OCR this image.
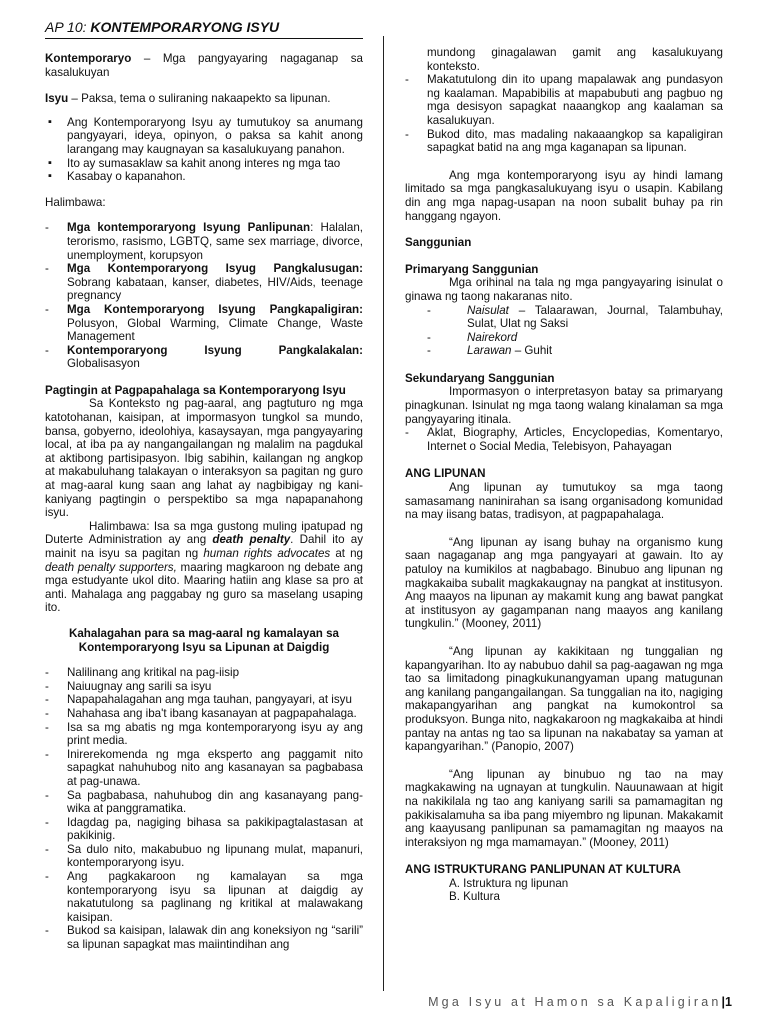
AP 10: KONTEMPORARYONG ISYU

Kontemporaryo – Mga pangyayaring nagaganap sa kasalukuyan

Isyu – Paksa, tema o suliraning nakaapekto sa lipunan.

▪ Ang Kontemporaryong Isyu ay tumutukoy sa anumang pangyayari, ideya, opinyon, o paksa sa kahit anong larangang may kaugnayan sa kasalukuyang panahon.
▪ Ito ay sumasaklaw sa kahit anong interes ng mga tao
▪ Kasabay o kapanahon.

Halimbawa:

- Mga kontemporaryong Isyung Panlipunan: Halalan, terorismo, rasismo, LGBTQ, same sex marriage, divorce, unemployment, korupsyon
- Mga Kontemporaryong Isyug Pangkalusugan: Sobrang kabataan, kanser, diabetes, HIV/Aids, teenage pregnancy
- Mga Kontemporaryong Isyung Pangkapaligiran: Polusyon, Global Warming, Climate Change, Waste Management
- Kontemporaryong Isyung Pangkalakalan: Globalisasyon

Pagtingin at Pagpapahalaga sa Kontemporaryong Isyu

Sa Konteksto ng pag-aaral, ang pagtuturo ng mga katotohanan, kaisipan, at impormasyon tungkol sa mundo, bansa, gobyerno, ideolohiya, kasaysayan, mga pangyayaring local, at iba pa ay nangangailangan ng malalim na pagdukal at aktibong partisipasyon. Ibig sabihin, kailangan ng angkop at makabuluhang talakayan o interaksyon sa pagitan ng guro at mag-aaral kung saan ang lahat ay nagbibigay ng kani-kaniyang pagtingin o perspektibo sa mga napapanahong isyu.

Halimbawa: Isa sa mga gustong muling ipatupad ng Duterte Administration ay ang death penalty. Dahil ito ay mainit na isyu sa pagitan ng human rights advocates at ng death penalty supporters, maaring magkaroon ng debate ang mga estudyante ukol dito. Maaring hatiin ang klase sa pro at anti. Mahalaga ang paggabay ng guro sa maselang usaping ito.

Kahalagahan para sa mag-aaral ng kamalayan sa Kontemporaryong Isyu sa Lipunan at Daigdig

- Nalilinang ang kritikal na pag-iisip
- Naiuugnay ang sarili sa isyu
- Napapahalagahan ang mga tauhan, pangyayari, at isyu
- Nahahasa ang iba't ibang kasanayan at pagpapahalaga.
- Isa sa mg abatis ng mga kontemporaryong isyu ay ang print media.
- Inirerekomenda ng mga eksperto ang paggamit nito sapagkat nahuhubog nito ang kasanayan sa pagbabasa at pag-unawa.
- Sa pagbabasa, nahuhubog din ang kasanayang pang-wika at panggramatika.
- Idagdag pa, nagiging bihasa sa pakikipagtalastasan at pakikinig.
- Sa dulo nito, makabubuo ng lipunang mulat, mapanuri, kontemporaryong isyu.
- Ang pagkakaroon ng kamalayan sa mga kontemporaryong isyu sa lipunan at daigdig ay nakatutulong sa paglinang ng kritikal at malawakang kaisipan.
- Bukod sa kaisipan, lalawak din ang koneksiyon ng “sarili” sa lipunan sapagkat mas maiintindihan ang
mundong ginagalawan gamit ang kasalukuyang konteksto.
- Makatutulong din ito upang mapalawak ang pundasyon ng kaalaman. Mapabibilis at mapabubuti ang pagbuo ng mga desisyon sapagkat naaangkop ang kaalaman sa kasalukuyan.
- Bukod dito, mas madaling nakaaangkop sa kapaligiran sapagkat batid na ang mga kaganapan sa lipunan.

Ang mga kontemporaryong isyu ay hindi lamang limitado sa mga pangkasalukuyang isyu o usapin. Kabilang din ang mga napag-usapan na noon subalit buhay pa rin hanggang ngayon.

Sanggunian

Primaryang Sanggunian

Mga orihinal na tala ng mga pangyayaring isinulat o ginawa ng taong nakaranas nito.

- Naisulat – Talaarawan, Journal, Talambuhay, Sulat, Ulat ng Saksi
- Nairekord
- Larawan – Guhit

Sekundaryang Sanggunian

Impormasyon o interpretasyon batay sa primaryang pinagkunan. Isinulat ng mga taong walang kinalaman sa mga pangyayaring itinala.

- Aklat, Biography, Articles, Encyclopedias, Komentaryo, Internet o Social Media, Telebisyon, Pahayagan

ANG LIPUNAN

Ang lipunan ay tumutukoy sa mga taong samasamang naninirahan sa isang organisadong komunidad na may iisang batas, tradisyon, at pagpapahalaga.

“Ang lipunan ay isang buhay na organismo kung saan nagaganap ang mga pangyayari at gawain. Ito ay patuloy na kumikilos at nagbabago. Binubuo ang lipunan ng magkakaiba subalit magkakaugnay na pangkat at institusyon. Ang maayos na lipunan ay makamit kung ang bawat pangkat at institusyon ay gagampanan nang maayos ang kanilang tungkulin.” (Mooney, 2011)

“Ang lipunan ay kakikitaan ng tunggalian ng kapangyarihan. Ito ay nabubuo dahil sa pag-aagawan ng mga tao sa limitadong pinagkukunangyaman upang matugunan ang kanilang pangangailangan. Sa tunggalian na ito, nagiging makapangyarihan ang pangkat na kumokontrol sa produksyon. Bunga nito, nagkakaroon ng magkakaiba at hindi pantay na antas ng tao sa lipunan na nakabatay sa yaman at kapangyarihan.” (Panopio, 2007)

“Ang lipunan ay binubuo ng tao na may magkakawing na ugnayan at tungkulin. Nauunawaan at higit na nakikilala ng tao ang kaniyang sarili sa pamamagitan ng pakikisalamuha sa iba pang miyembro ng lipunan. Makakamit ang kaayusang panlipunan sa pamamagitan ng maayos na interaksiyon ng mga mamamayan.” (Mooney, 2011)

ANG ISTRUKTURANG PANLIPUNAN AT KULTURA

A. Istruktura ng lipunan

B. Kultura

Mga Isyu at Hamon sa Kapaligiran|1
